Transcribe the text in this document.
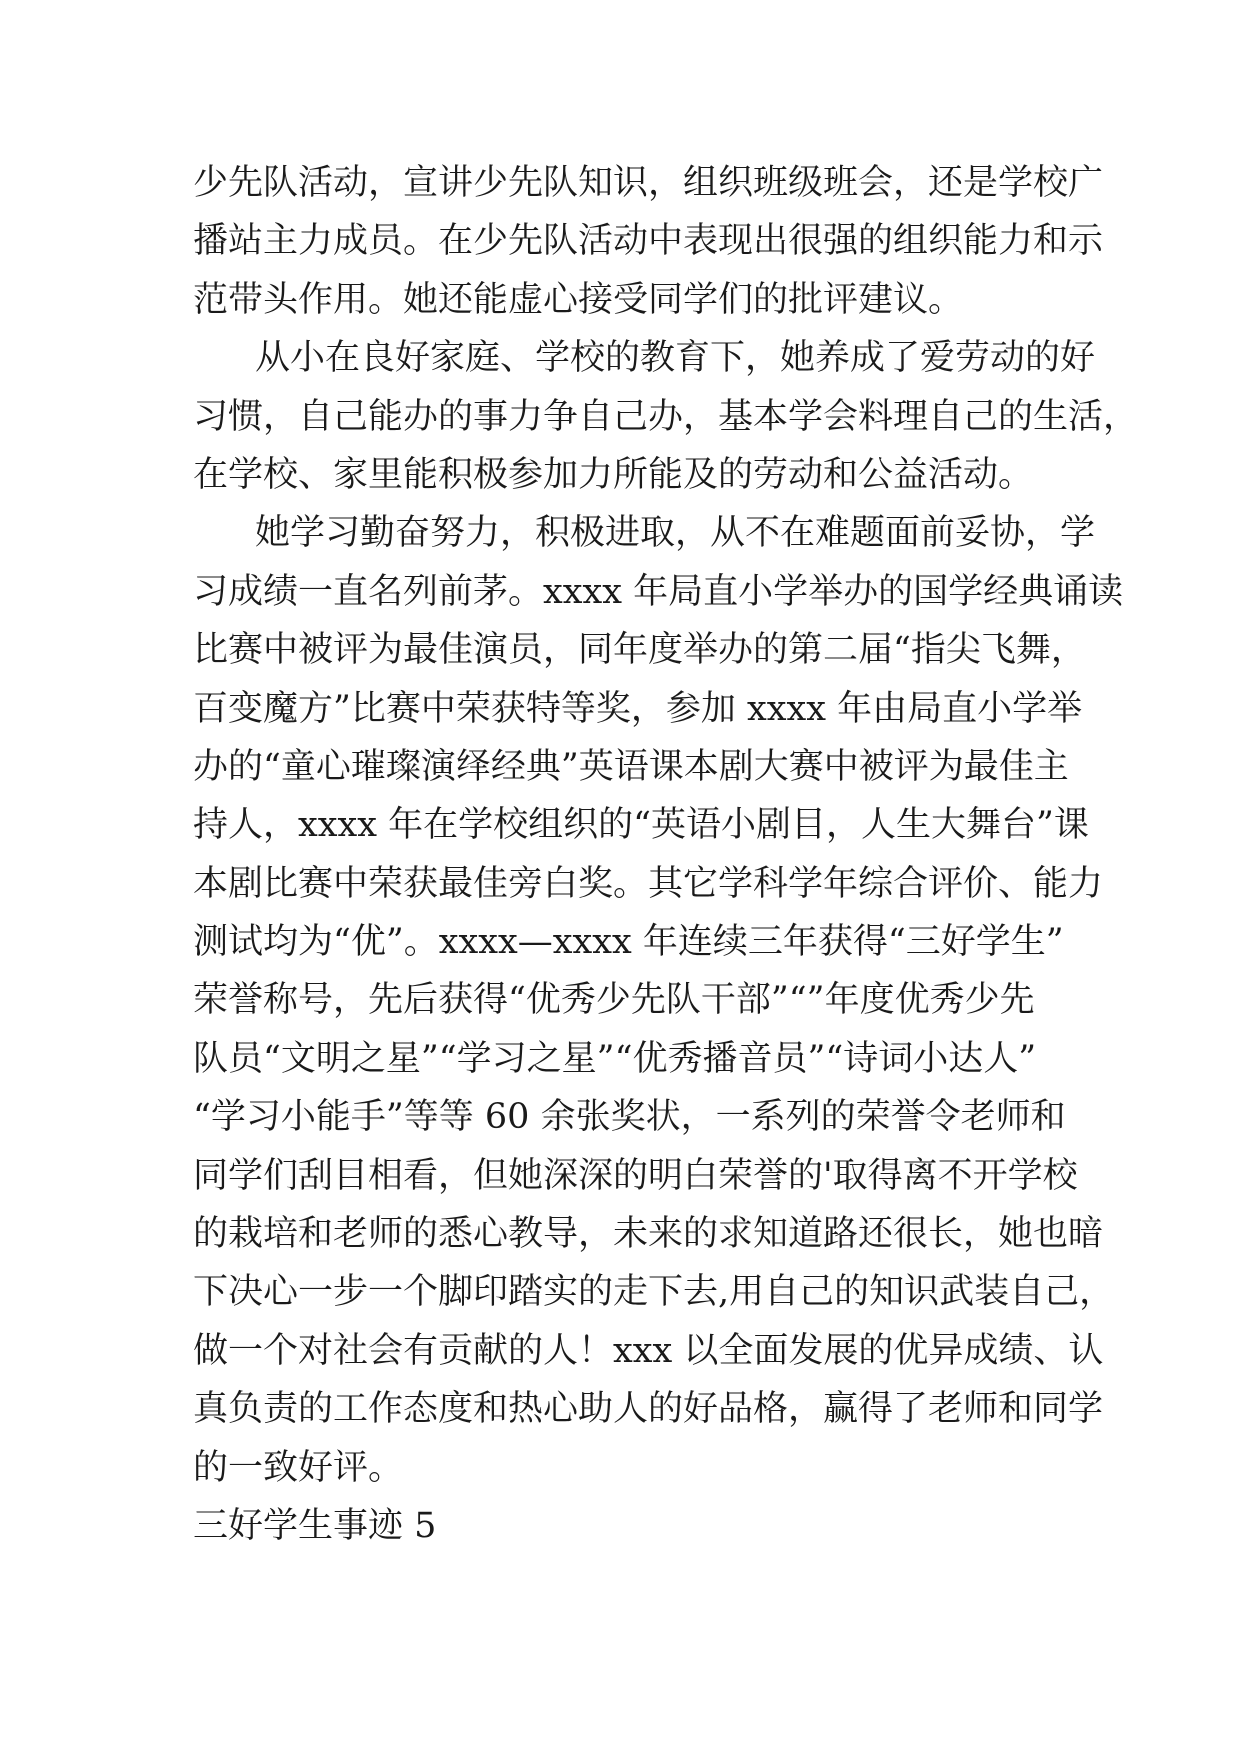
少先队活动，宣讲少先队知识，组织班级班会，还是学校广
播站主力成员。在少先队活动中表现出很强的组织能力和示
范带头作用。她还能虚心接受同学们的批评建议。
从小在良好家庭、学校的教育下，她养成了爱劳动的好
习惯，自己能办的事力争自己办，基本学会料理自己的生活，
在学校、家里能积极参加力所能及的劳动和公益活动。
她学习勤奋努力，积极进取，从不在难题面前妥协，学
习成绩一直名列前茅。xxxx 年局直小学举办的国学经典诵读
比赛中被评为最佳演员，同年度举办的第二届“指尖飞舞，
百变魔方”比赛中荣获特等奖，参加 xxxx 年由局直小学举
办的“童心璀璨演绎经典”英语课本剧大赛中被评为最佳主
持人，xxxx 年在学校组织的“英语小剧目，人生大舞台”课
本剧比赛中荣获最佳旁白奖。其它学科学年综合评价、能力
测试均为“优”。xxxx—xxxx 年连续三年获得“三好学生”
荣誉称号，先后获得“优秀少先队干部”“”年度优秀少先
队员“文明之星”“学习之星”“优秀播音员”“诗词小达人”
“学习小能手”等等 60 余张奖状，一系列的荣誉令老师和
同学们刮目相看，但她深深的明白荣誉的'取得离不开学校
的栽培和老师的悉心教导，未来的求知道路还很长，她也暗
下决心一步一个脚印踏实的走下去,用自己的知识武装自己，
做一个对社会有贡献的人！xxx 以全面发展的优异成绩、认
真负责的工作态度和热心助人的好品格，赢得了老师和同学
的一致好评。
三好学生事迹 5
